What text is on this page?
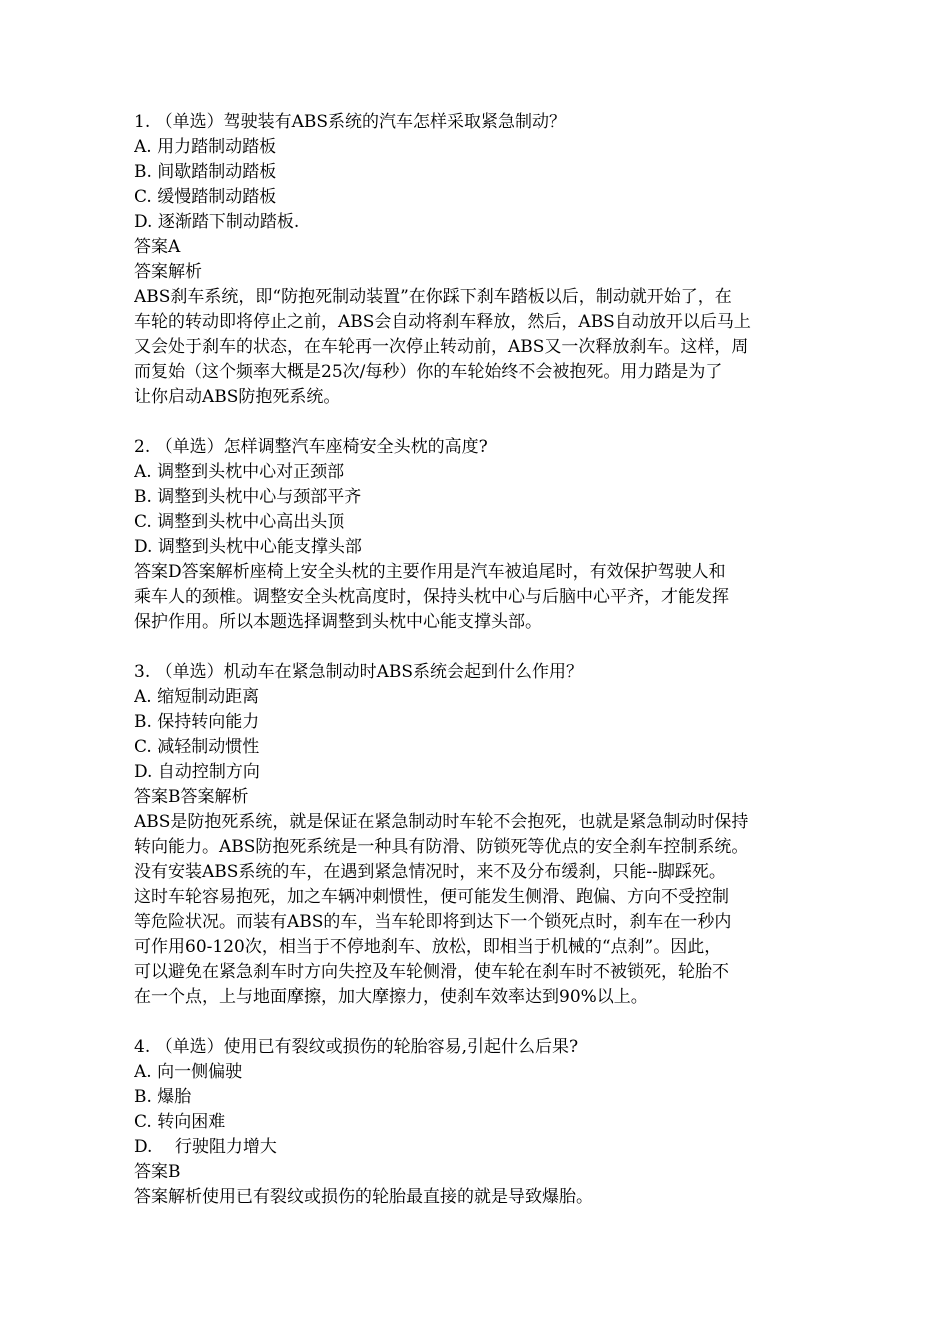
1. （单选）驾驶装有ABS系统的汽车怎样采取紧急制动？
A. 用力踏制动踏板
B. 间歇踏制动踏板
C. 缓慢踏制动踏板
D. 逐渐踏下制动踏板.
答案A
答案解析
ABS刹车系统，即“防抱死制动装置”在你踩下刹车踏板以后，制动就开始了，在
车轮的转动即将停止之前，ABS会自动将刹车释放，然后，ABS自动放开以后马上
又会处于刹车的状态，在车轮再一次停止转动前，ABS又一次释放刹车。这样，周
而复始（这个频率大概是25次/每秒）你的车轮始终不会被抱死。用力踏是为了
让你启动ABS防抱死系统。
2. （单选）怎样调整汽车座椅安全头枕的高度?
A. 调整到头枕中心对正颈部
B. 调整到头枕中心与颈部平齐
C. 调整到头枕中心高出头顶
D. 调整到头枕中心能支撑头部
答案D答案解析座椅上安全头枕的主要作用是汽车被追尾时，有效保护驾驶人和
乘车人的颈椎。调整安全头枕高度时，保持头枕中心与后脑中心平齐，才能发挥
保护作用。所以本题选择调整到头枕中心能支撑头部。
3. （单选）机动车在紧急制动时ABS系统会起到什么作用？
A. 缩短制动距离
B. 保持转向能力
C. 减轻制动惯性
D. 自动控制方向
答案B答案解析
ABS是防抱死系统，就是保证在紧急制动时车轮不会抱死，也就是紧急制动时保持
转向能力。ABS防抱死系统是一种具有防滑、防锁死等优点的安全刹车控制系统。
没有安装ABS系统的车，在遇到紧急情况时，来不及分布缓刹，只能--脚踩死。
这时车轮容易抱死，加之车辆冲刺惯性，便可能发生侧滑、跑偏、方向不受控制
等危险状况。而装有ABS的车，当车轮即将到达下一个锁死点时，刹车在一秒内
可作用60-120次，相当于不停地刹车、放松，即相当于机械的“点刹”。因此，
可以避免在紧急刹车时方向失控及车轮侧滑，使车轮在刹车时不被锁死，轮胎不
在一个点，上与地面摩擦，加大摩擦力，使刹车效率达到90%以上。
4. （单选）使用已有裂纹或损伤的轮胎容易,引起什么后果?
A. 向一侧偏驶
B. 爆胎
C. 转向困难
D.　 行驶阻力增大
答案B
答案解析使用已有裂纹或损伤的轮胎最直接的就是导致爆胎。
